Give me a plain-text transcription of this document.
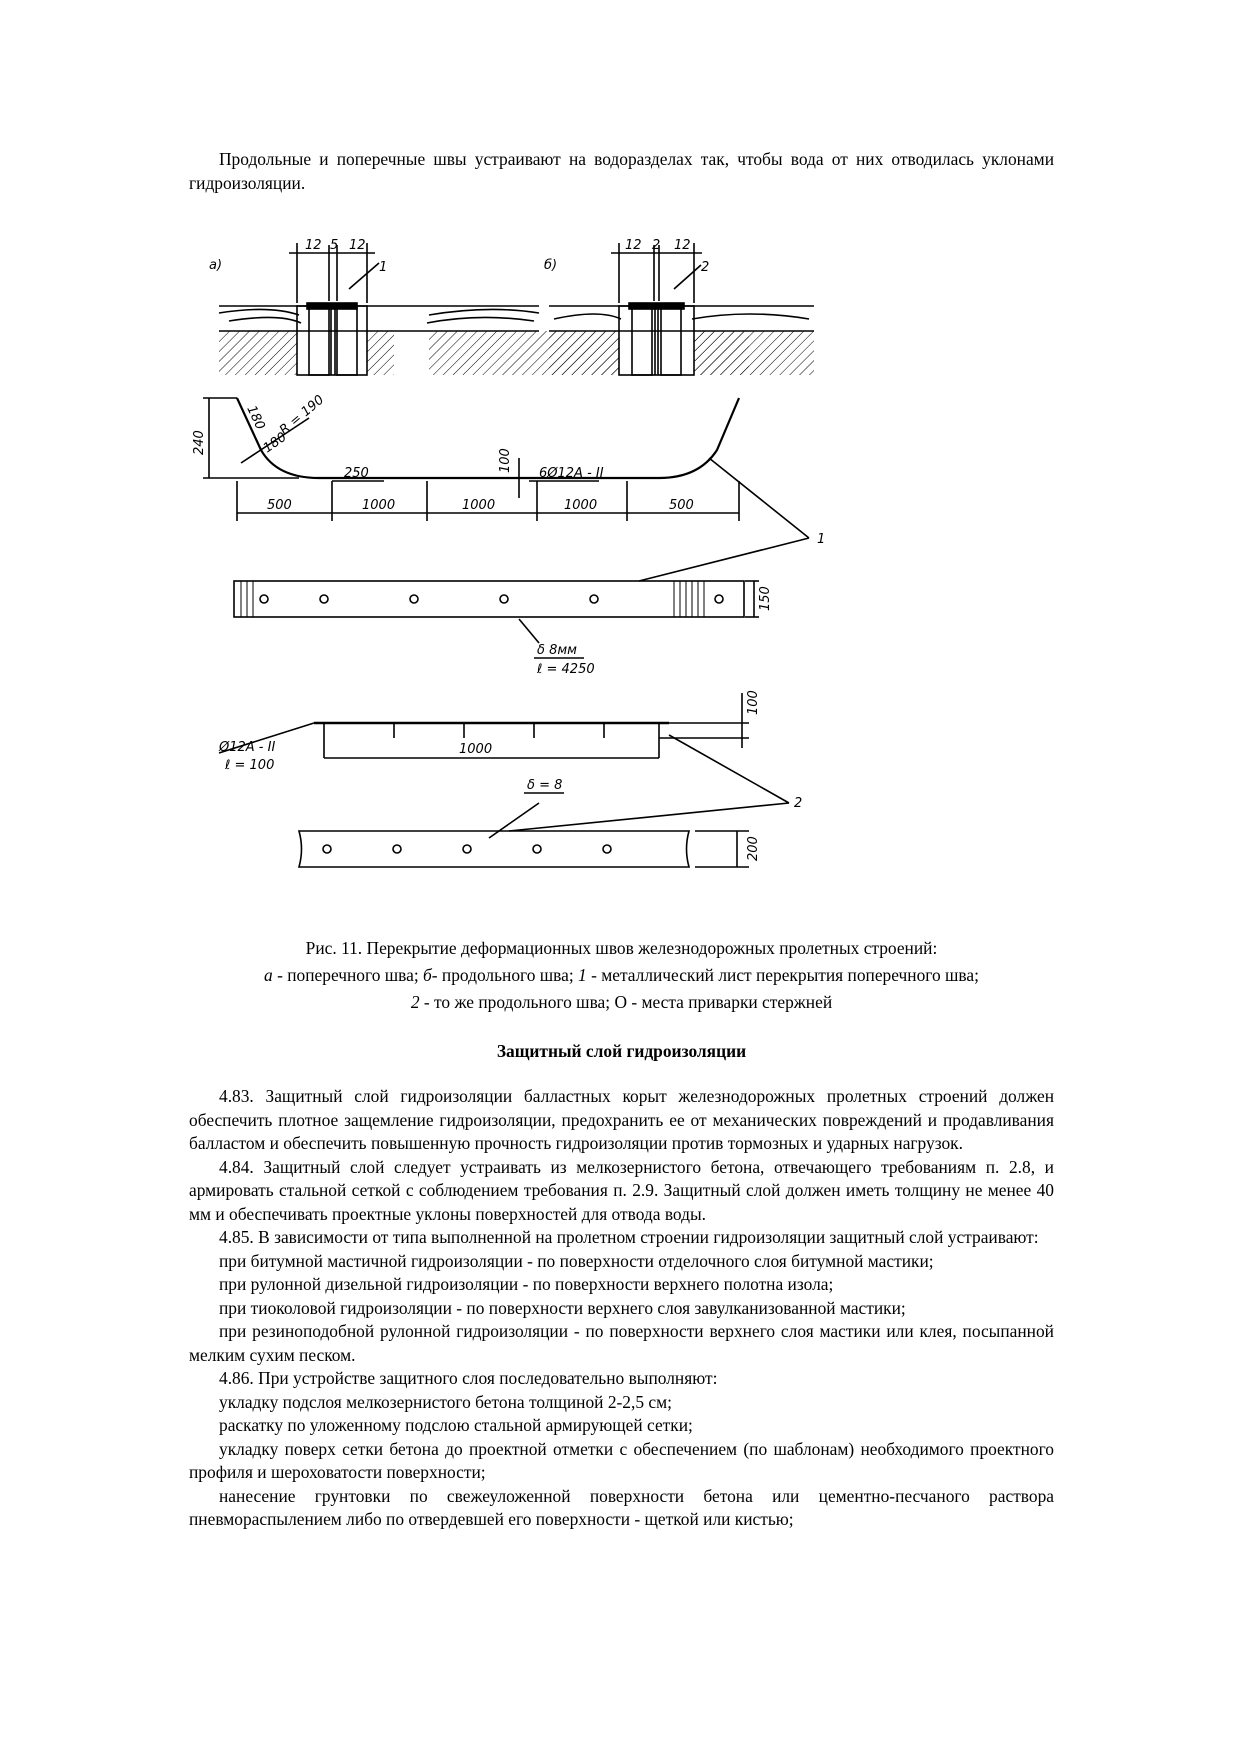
Продольные и поперечные швы устраивают на водоразделах так, чтобы вода от них отводилась уклонами гидроизоляции.

а)	б)
12 5 12	12 2 12
1	2
R = 190
180
180
240
100
250	6Ø12А - II
500	1000	1000	1000	500
1
δ 8мм
ℓ = 4250
150
100
Ø12А - II
ℓ = 100
1000
2
δ = 8
200
Рис. 11. Перекрытие деформационных швов железнодорожных пролетных строений:
а - поперечного шва; б- продольного шва; 1 - металлический лист перекрытия поперечного шва;
2 - то же продольного шва; О - места приварки стержней
Защитный слой гидроизоляции

4.83. Защитный слой гидроизоляции балластных корыт железнодорожных пролетных строений должен обеспечить плотное защемление гидроизоляции, предохранить ее от механических повреждений и продавливания балластом и обеспечить повышенную прочность гидроизоляции против тормозных и ударных нагрузок.

4.84. Защитный слой следует устраивать из мелкозернистого бетона, отвечающего требованиям п. 2.8, и армировать стальной сеткой с соблюдением требования п. 2.9. Защитный слой должен иметь толщину не менее 40 мм и обеспечивать проектные уклоны поверхностей для отвода воды.

4.85. В зависимости от типа выполненной на пролетном строении гидроизоляции защитный слой устраивают:

при битумной мастичной гидроизоляции - по поверхности отделочного слоя битумной мастики;

при рулонной дизельной гидроизоляции - по поверхности верхнего полотна изола;

при тиоколовой гидроизоляции - по поверхности верхнего слоя завулканизованной мастики;

при резиноподобной рулонной гидроизоляции - по поверхности верхнего слоя мастики или клея, посыпанной мелким сухим песком.

4.86. При устройстве защитного слоя последовательно выполняют:

укладку подслоя мелкозернистого бетона толщиной 2-2,5 см;

раскатку по уложенному подслою стальной армирующей сетки;

укладку поверх сетки бетона до проектной отметки с обеспечением (по шаблонам) необходимого проектного профиля и шероховатости поверхности;

нанесение грунтовки по свежеуложенной поверхности бетона или цементно-песчаного раствора пневмораспылением либо по отвердевшей его поверхности - щеткой или кистью;
